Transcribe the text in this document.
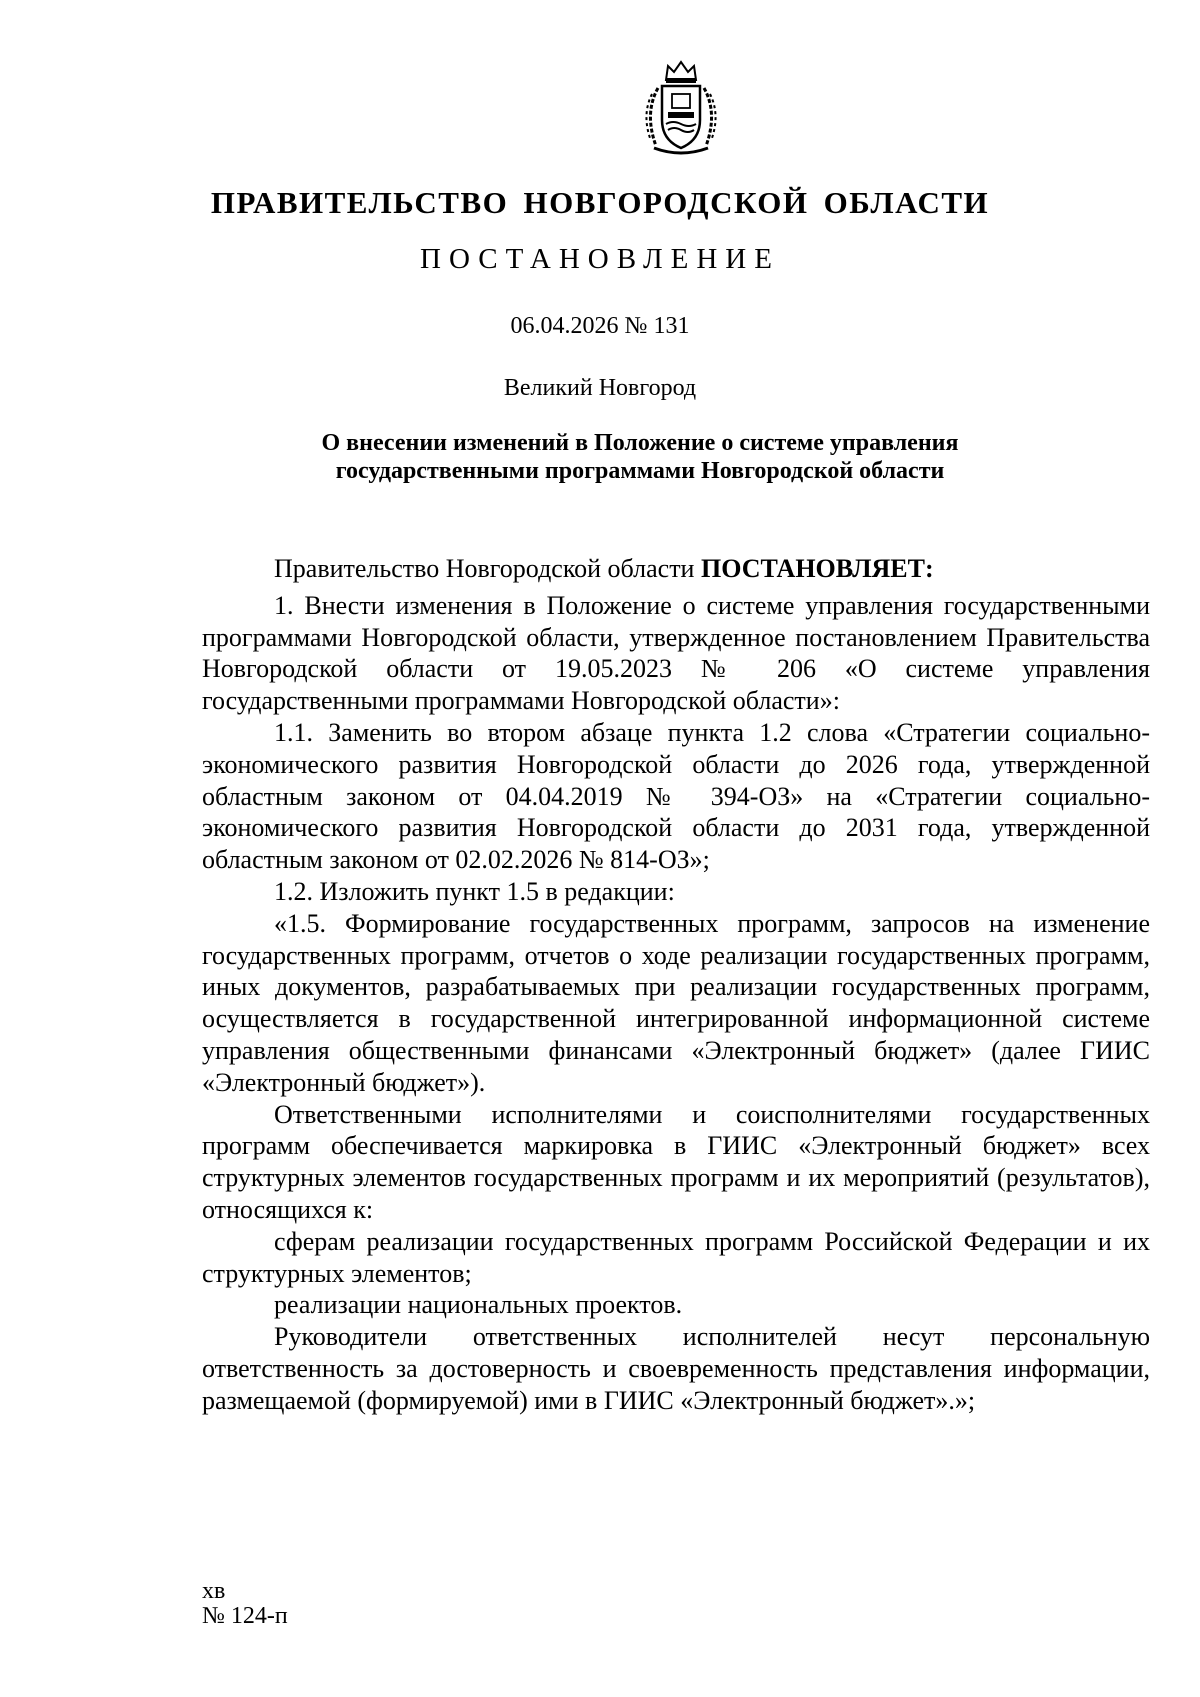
ПРАВИТЕЛЬСТВО НОВГОРОДСКОЙ ОБЛАСТИ
ПОСТАНОВЛЕНИЕ
06.04.2026 № 131
Великий Новгород
О внесении изменений в Положение о системе управления
государственными программами Новгородской области

Правительство Новгородской области ПОСТАНОВЛЯЕТ:

1. Внести изменения в Положение о системе управления государственными программами Новгородской области, утвержденное постановлением Правительства Новгородской области от 19.05.2023 № 206 «О системе управления государственными программами Новгородской области»:

1.1. Заменить во втором абзаце пункта 1.2 слова «Стратегии социально-экономического развития Новгородской области до 2026 года, утвержденной областным законом от 04.04.2019 № 394-ОЗ» на «Стратегии социально-экономического развития Новгородской области до 2031 года, утвержденной областным законом от 02.02.2026 № 814-ОЗ»;

1.2. Изложить пункт 1.5 в редакции:

«1.5. Формирование государственных программ, запросов на изменение государственных программ, отчетов о ходе реализации государственных программ, иных документов, разрабатываемых при реализации государственных программ, осуществляется в государственной интегрированной информационной системе управления общественными финансами «Электронный бюджет» (далее ГИИС «Электронный бюджет»).

Ответственными исполнителями и соисполнителями государственных программ обеспечивается маркировка в ГИИС «Электронный бюджет» всех структурных элементов государственных программ и их мероприятий (результатов), относящихся к:

сферам реализации государственных программ Российской Федерации и их структурных элементов;

реализации национальных проектов.

Руководители ответственных исполнителей несут персональную ответственность за достоверность и своевременность представления информации, размещаемой (формируемой) ими в ГИИС «Электронный бюджет».»;

хв
№ 124-п
